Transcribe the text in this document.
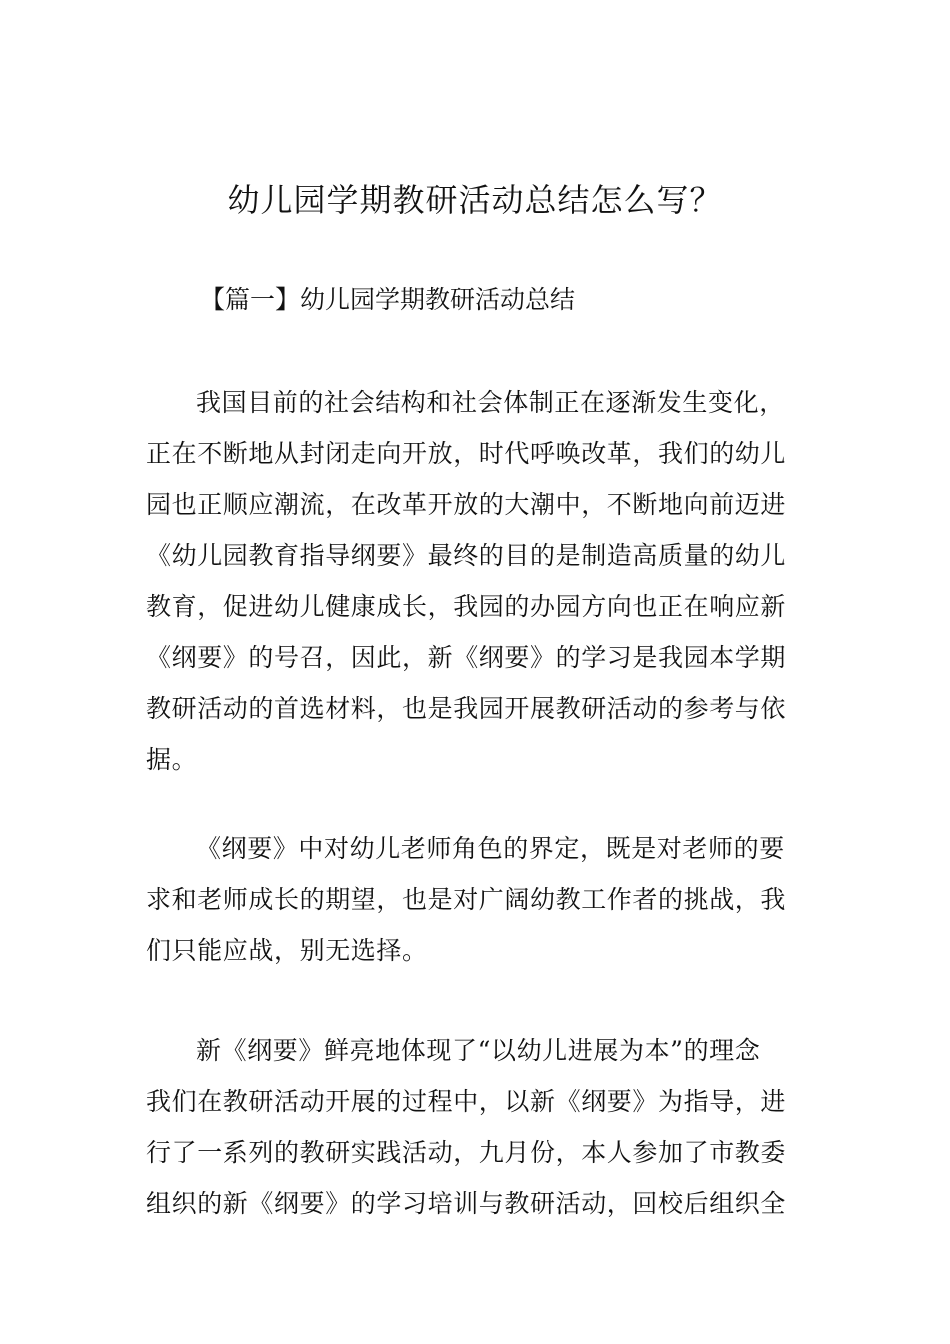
幼儿园学期教研活动总结怎么写？

【篇一】幼儿园学期教研活动总结

我国目前的社会结构和社会体制正在逐渐发生变化，
正在不断地从封闭走向开放，时代呼唤改革，我们的幼儿
园也正顺应潮流，在改革开放的大潮中，不断地向前迈进
《幼儿园教育指导纲要》最终的目的是制造高质量的幼儿
教育，促进幼儿健康成长，我园的办园方向也正在响应新
《纲要》的号召，因此，新《纲要》的学习是我园本学期
教研活动的首选材料，也是我园开展教研活动的参考与依
据。
《纲要》中对幼儿老师角色的界定，既是对老师的要
求和老师成长的期望，也是对广阔幼教工作者的挑战，我
们只能应战，别无选择。
新《纲要》鲜亮地体现了“以幼儿进展为本”的理念
我们在教研活动开展的过程中，以新《纲要》为指导，进
行了一系列的教研实践活动，九月份，本人参加了市教委
组织的新《纲要》的学习培训与教研活动，回校后组织全
